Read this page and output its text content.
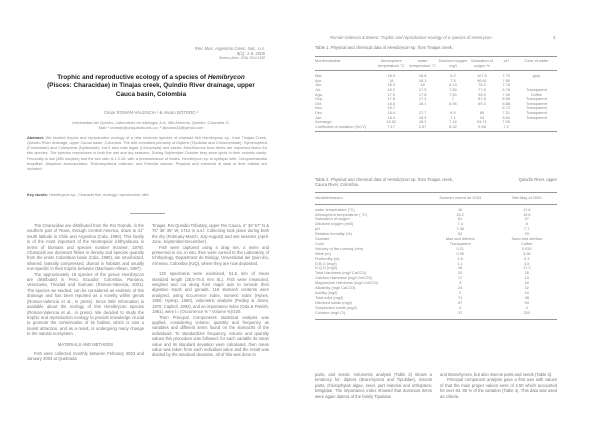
Rev. Mus. Argentino Cienc. Nat., n.s.
8(1): 1-8, 2006
Buenos Aires, ISSN 1514-5158
Trophic and reproductive ecology of a species of Hemibrycon
(Pisces: Characidae) in Tinajas creek, Quindío River drainage, upper Cauca basin, Colombia
César ROMÁN-VALENCIA ¹ & Alvaro BOTERO ²
Universidad del Quindío, Laboratorio de Ictiología, A.A. 460 Armenia, Quindío, Colombia. E-
Mail: ¹ croman@uniquindio.edu.co; ² alboiaro33@yahoo.com
Abstract: We studied trophic and reproductive ecology of a new endemic species of characid fish Hemibrycon sp., from Tinajas Creek, Quindío River drainage, upper Cauca basin, Colombia. The diet consisted primarily of Diptera (Tipulidae and Chironomidae), Hymenoptera (Formicidae) and Coleoptera (Dytiscidae), but it also eats algae (Clorophyta) and seeds. Allochtonous food items are important factor for this species. The species reproduces in both the wet and dry seasons. During September-October they store lipids in their celomic cavity. Fecundity is low (485 oocytes) and the sex ratio is 1:2.28, with a predominance of males. Hemibrycon sp. is syntopic with: Cetopsorhamdia boquillae, Astyanax aurocaudatus, Trichomycterus caliense, and Poecilia caucae. Physical and chemical of data of their habitat are included.
Key words: Hemibrycon sp., Characid fish, ecology, reproduction, diet.
The Characidae are distributed from the Rio Grande, in the southern part of Texas, through Central America, down to 41° south latitude in Chile and Argentina (Cala, 1990). This family is of the most important of the Neotropical ichthyofauna in terms of biomass and species number (Kramer, 1978). Characids are dominant fishes in density and species quantity from the entire Colombian basin (Cala, 1990), are small-sized, silvered, laterally compressed, diurnal in habitats and usually non-specific in their trophic behavior (Machado-Allison, 1987).
The approximately 18 species of the genus Hemibrycon are distributed in Peru, Ecuador, Colombia, Panama, Venezuela, Trinidad and Surinam (Roman-Valencia, 2001). The species we studied, can be considered as endemic of this drainage and has been reported as a novelty within genus (Roman-Valencia et al., in press). Since little information is available about the ecology of this Hemibrycon species (Roman-Valencia et al., in press). We decided to study the trophic and reproduction ecology to provide knowledge crucial to promote the conservation of its habitat, which is now a tourist attraction, and as a result, is undergoing many change to the natural ecosystem.
MATERIALS AND METHODS
Fish were collected monthly between February 2003 and January 2004 at Quebrada
Tinajas, Rio Quindio Tributary, upper Rio Cauca, 4° 36' 57" N & 75° 36' 35" W, 1712 m a.s.l. Collecting took place during both the dry (February-March, July-August) and wet seasons (April-June, September-December).
Fish were captured using a drag net, a seine and preserved in ice, in situ; then were carried to the Laboratory of Ichthyology, Department de Biology, Universidad del Quin-dío, Armenia, Colombia (IUQ), where they are now deposited.
120 specimens were examined, 51.5 mm of mean standard length (25.5-75.5 mm SL). Fish were measured, weighed and cut along their major axis to remode their digestive tracts and gonads. 116 stomach contents were analyzed, using occurrence index, numeric index (Hynes, 1950; Hyslop, 1980), volumetric analysis (Pedley & Jones, 1978; Capitoli, 1992), and an importance index (Oda & Parrish, 1981), were I= (Occurrence % * Volume %)/100.
Then Principal Components statistical analysis was applied, considering volume, quantity and frequency as variables and different items found on the stomachs of the individuals. To standardizer frequency, volume and quantity values this procedure was followed: for each variable its mean value and its standard deviation were calculated, then mean value was taken from each individual value and the result was divided by the standard deviation, all of this was done to
Román-Valencia & Botero: Trophic and reproductive ecology of a species of Hemirycon	3
Table 1. Physical and chemical data of Hemibrycon sp. from Tinajas creek.
Month/variable	Atmosphere temperature °C	water temperature °C	Disolved oxygen mg/l	Saturation of oxigen %	pH	Color of water
Mar.	18.9	18.8	8.2	107.5	7.75	gray
Apr.	18	18.1	7.5	96.61	7.85	
Jun.	18.3	18	6.13	78.2	7.78	
Jul.	18.2	17.5	7.85	77.8	6.76	Transparent
Ago.	17.9	17.8	7.53	98.9	7.06	Coffee
Sep.	17.8	17.3	7	87.8	6.56	Transparent
Oct.	18.8	18.1	6.96	89.3	6.88	Transparent
Nov.	19.7				6.72	Transparent
Dec.	18.4	17.7	6.9	89	7.31	Transparent
Jan.	18.4	18.5	7.1	94	6.94	Transparent
Averange	18.52	18.2	7.18	93.71	7.09	
Coefficient of variation (%CV)	7.17	2.57	8.32	9.98	7.2	
Table 2. Physical and chemical data of Hemibrycon sp. from Tinajas creek,	Quindío River, upper
Cauca River, Colombia.
Variable/season	Summer march de 2003	Wet May of 2003
water temperature (°C)	16	17.6
Atmosphere temperature ( °C)	15.2	19.6
Saturation of oxigen	81	97
Disolved oxygen (ml/l)	7.4	8
pH	7.36	7.7
Relative humidity (%)	92	93
Sustrate	Mud and detritus	Sand and detritus
Color	Transparent	Coffee
Velocity of the running (m/s)	0.21	0.033
Wide (m)	2.95	3.06
Profundity (m)	0.6	0.3
D.B.O (mg/l)	1.1	3.8
D.Q.O (mg/l)	28	17.2
Total Hardness (mg/l CaCO3)	20	26
Calcium Hardness (mg/l CaCO3)	17	10
Magnesium Hardness (mg/l CaCO3)	3	16
Alkalinity (mg/l CaCO3)	24	42
Acidity (mg/l)	2	10
Total solid (mg/l)	71	98
Disolved solids (mg/l)	67	94
Suspended solids (mg/l)	4	4
Chlorine (mg/l Cl)	37	200
parts, and seeds. Volumetric analysis (Table 3) shows a tendency for: diptera (Branchycera and Tipulidae), insects parts, chlorophytas algae, seed, part material and orthoptera: tetrigidae. The importance index showed that dominant items were again diptera of the family Tipulidae
and Branchycera, but also insects parts and seeds (Table 3).
Principal component analysis gave a first axis with values of that the main proper values were of 2.50 which accounted for over 83. 85 % of the variation (Table 4). This data was used as criteria
